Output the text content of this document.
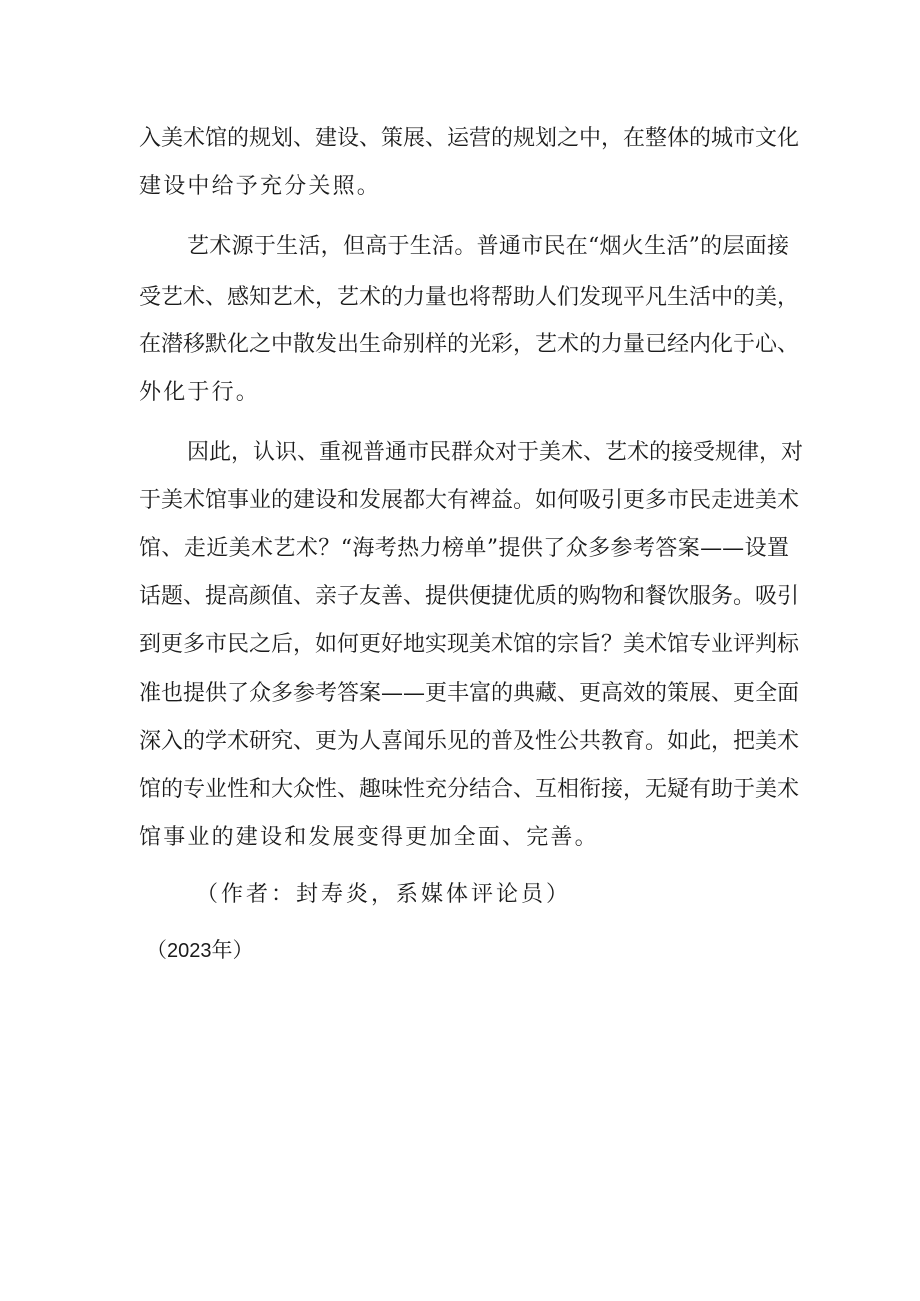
入美术馆的规划、建设、策展、运营的规划之中，在整体的城市文化
建设中给予充分关照。
艺术源于生活，但高于生活。普通市民在“烟火生活”的层面接
受艺术、感知艺术，艺术的力量也将帮助人们发现平凡生活中的美，
在潜移默化之中散发出生命别样的光彩，艺术的力量已经内化于心、
外化于行。
因此，认识、重视普通市民群众对于美术、艺术的接受规律，对
于美术馆事业的建设和发展都大有裨益。如何吸引更多市民走进美术
馆、走近美术艺术？“海考热力榜单”提供了众多参考答案——设置
话题、提高颜值、亲子友善、提供便捷优质的购物和餐饮服务。吸引
到更多市民之后，如何更好地实现美术馆的宗旨？美术馆专业评判标
准也提供了众多参考答案——更丰富的典藏、更高效的策展、更全面
深入的学术研究、更为人喜闻乐见的普及性公共教育。如此，把美术
馆的专业性和大众性、趣味性充分结合、互相衔接，无疑有助于美术
馆事业的建设和发展变得更加全面、完善。
（作者：封寿炎，系媒体评论员）
（2023年）
